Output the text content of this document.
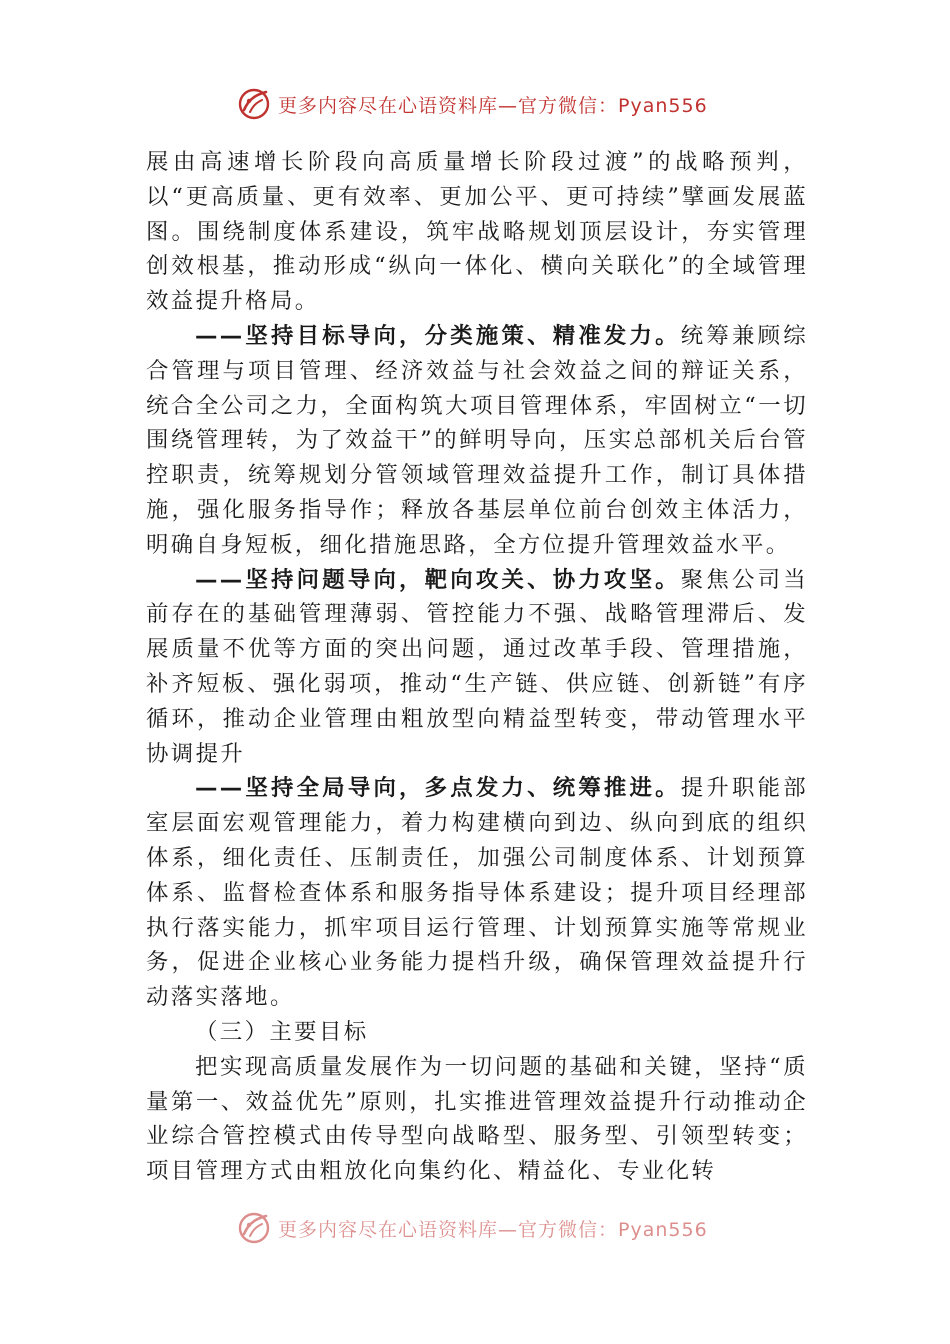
更多内容尽在心语资料库—官方微信：Pyan556

展由高速增长阶段向高质量增长阶段过渡”的战略预判，以“更高质量、更有效率、更加公平、更可持续”擘画发展蓝图。围绕制度体系建设，筑牢战略规划顶层设计，夯实管理创效根基，推动形成“纵向一体化、横向关联化”的全域管理效益提升格局。

——坚持目标导向，分类施策、精准发力。统筹兼顾综合管理与项目管理、经济效益与社会效益之间的辩证关系，统合全公司之力，全面构筑大项目管理体系，牢固树立“一切围绕管理转，为了效益干”的鲜明导向，压实总部机关后台管控职责，统筹规划分管领域管理效益提升工作，制订具体措施，强化服务指导作；释放各基层单位前台创效主体活力，明确自身短板，细化措施思路，全方位提升管理效益水平。

——坚持问题导向，靶向攻关、协力攻坚。聚焦公司当前存在的基础管理薄弱、管控能力不强、战略管理滞后、发展质量不优等方面的突出问题，通过改革手段、管理措施，补齐短板、强化弱项，推动“生产链、供应链、创新链”有序循环，推动企业管理由粗放型向精益型转变，带动管理水平协调提升

——坚持全局导向，多点发力、统筹推进。提升职能部室层面宏观管理能力，着力构建横向到边、纵向到底的组织体系，细化责任、压制责任，加强公司制度体系、计划预算体系、监督检查体系和服务指导体系建设；提升项目经理部执行落实能力，抓牢项目运行管理、计划预算实施等常规业务，促进企业核心业务能力提档升级，确保管理效益提升行动落实落地。

（三）主要目标

把实现高质量发展作为一切问题的基础和关键，坚持“质量第一、效益优先”原则，扎实推进管理效益提升行动推动企业综合管控模式由传导型向战略型、服务型、引领型转变；项目管理方式由粗放化向集约化、精益化、专业化转

更多内容尽在心语资料库—官方微信：Pyan556
